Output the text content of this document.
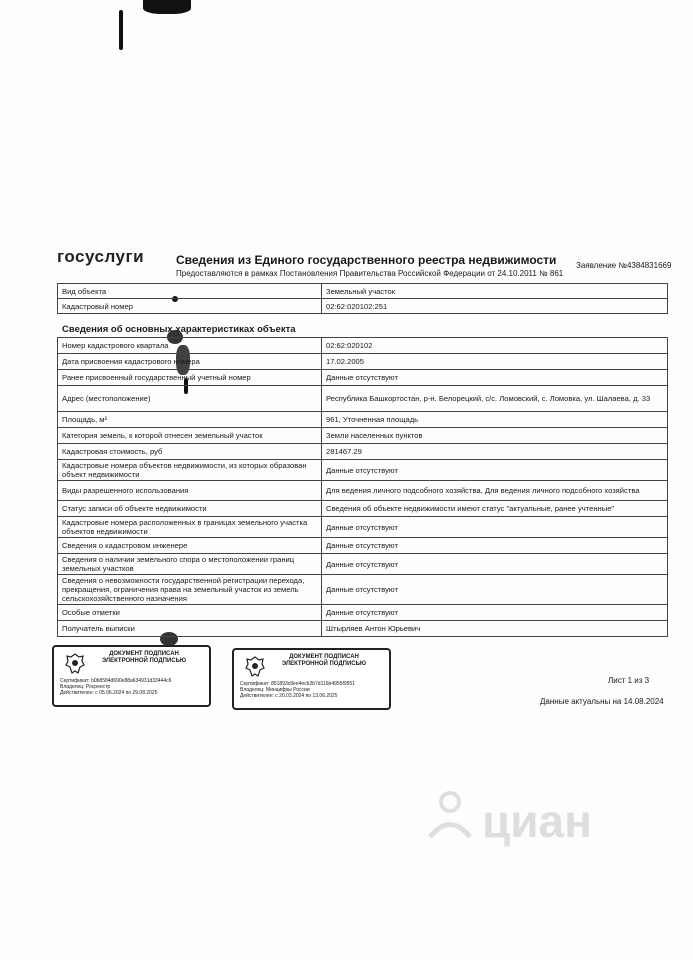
госуслуги	Сведения из Единого государственного реестра недвижимости
Предоставляются в рамках Постановления Правительства Российской Федерации от 24.10.2011 № 861
Заявление №4384831669
Вид объекта	Земельный участок
Кадастровый номер	02:62:020102:251
Сведения об основных характеристиках объекта
Номер кадастрового квартала	02:62:020102
Дата присвоения кадастрового номера	17.02.2005
Ранее присвоенный государственный учетный номер	Данные отсутствуют
Адрес (местоположение)	Республика Башкортостан, р-н. Белорецкий, с/с. Ломовский, с. Ломовка, ул. Шалаева, д. 33
Площадь, м²	961, Уточненная площадь
Категория земель, к которой отнесен земельный участок	Земли населенных пунктов
Кадастровая стоимость, руб	281467.29
Кадастровые номера объектов недвижимости, из которых образован объект недвижимости	Данные отсутствуют
Виды разрешенного использования	Для ведения личного подсобного хозяйства, Для ведения личного подсобного хозяйства
Статус записи об объекте недвижимости	Сведения об объекте недвижимости имеют статус "актуальные, ранее учтенные"
Кадастровые номера расположенных в границах земельного участка объектов недвижимости	Данные отсутствуют
Сведения о кадастровом инженере	Данные отсутствуют
Сведения о наличии земельного спора о местоположении границ земельных участков	Данные отсутствуют
Сведения о невозможности государственной регистрации перехода, прекращения, ограничения права на земельный участок из земель сельскохозяйственного назначения	Данные отсутствуют
Особые отметки	Данные отсутствуют
Получатель выписки	Штырляев Антон Юрьевич
ДОКУМЕНТ ПОДПИСАН ЭЛЕКТРОННОЙ ПОДПИСЬЮ
Сертификат: b0b8584d690e88a634931d33444c6
Владелец: Росреестр
Действителен: с 05.06.2024 по 29.08.2025
ДОКУМЕНТ ПОДПИСАН ЭЛЕКТРОННОЙ ПОДПИСЬЮ
Сертификат: 851893c8ee4ecb2b7d116b4955f9551
Владелец: Минцифры России
Действителен: с 20.03.2024 по 13.06.2025
Лист 1 из 3
Данные актуальны на 14.08.2024
циан
